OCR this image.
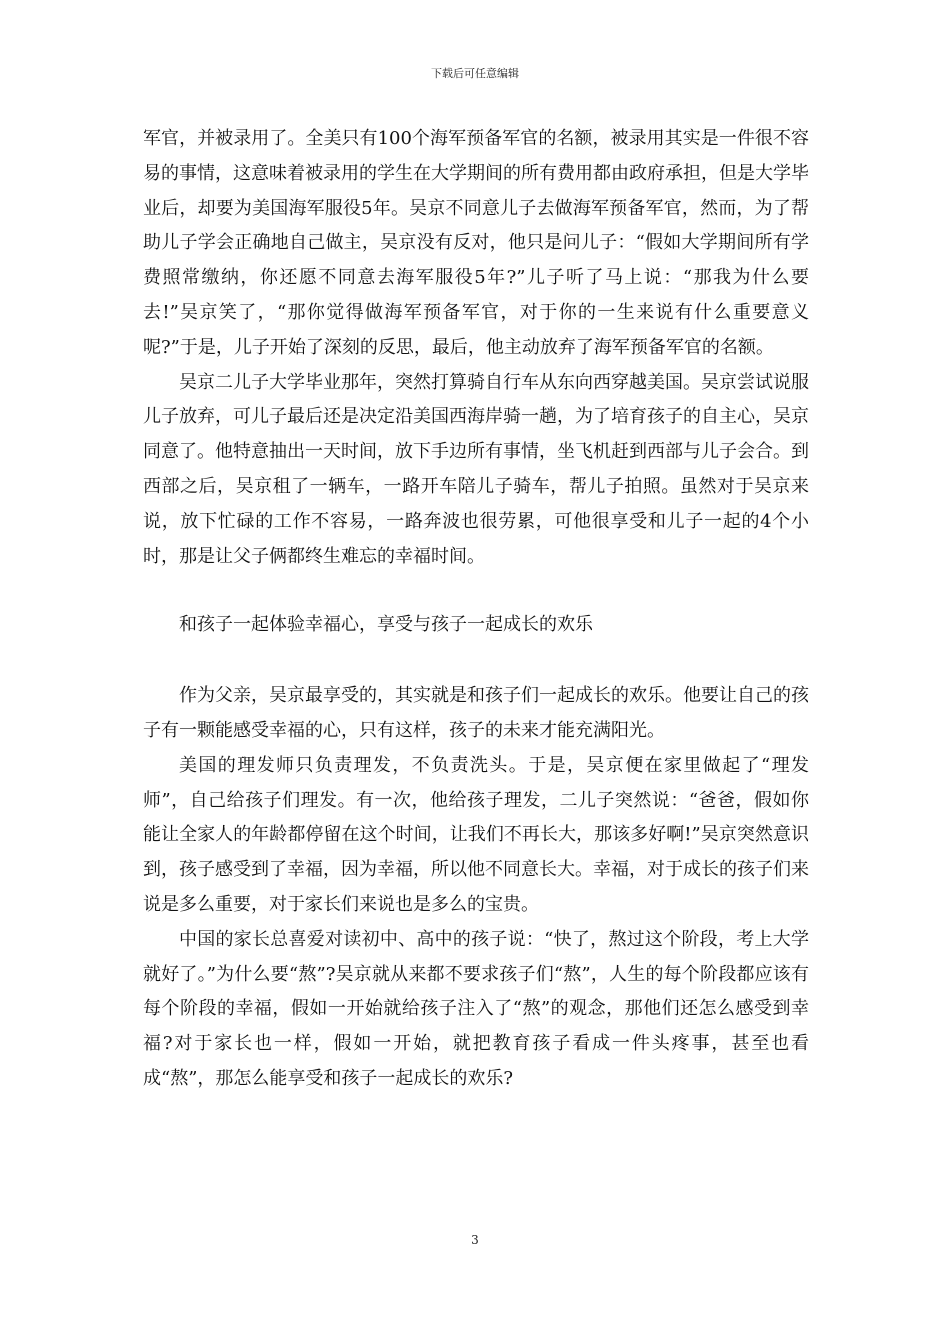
下载后可任意编辑

军官，并被录用了。全美只有100个海军预备军官的名额，被录用其实是一件很不容易的事情，这意味着被录用的学生在大学期间的所有费用都由政府承担，但是大学毕业后，却要为美国海军服役5年。吴京不同意儿子去做海军预备军官，然而，为了帮助儿子学会正确地自己做主，吴京没有反对，他只是问儿子：“假如大学期间所有学费照常缴纳，你还愿不同意去海军服役5年?”儿子听了马上说：“那我为什么要去!”吴京笑了，“那你觉得做海军预备军官，对于你的一生来说有什么重要意义呢?”于是，儿子开始了深刻的反思，最后，他主动放弃了海军预备军官的名额。

吴京二儿子大学毕业那年，突然打算骑自行车从东向西穿越美国。吴京尝试说服儿子放弃，可儿子最后还是决定沿美国西海岸骑一趟，为了培育孩子的自主心，吴京同意了。他特意抽出一天时间，放下手边所有事情，坐飞机赶到西部与儿子会合。到西部之后，吴京租了一辆车，一路开车陪儿子骑车，帮儿子拍照。虽然对于吴京来说，放下忙碌的工作不容易，一路奔波也很劳累，可他很享受和儿子一起的4个小时，那是让父子俩都终生难忘的幸福时间。

和孩子一起体验幸福心，享受与孩子一起成长的欢乐

作为父亲，吴京最享受的，其实就是和孩子们一起成长的欢乐。他要让自己的孩子有一颗能感受幸福的心，只有这样，孩子的未来才能充满阳光。

美国的理发师只负责理发，不负责洗头。于是，吴京便在家里做起了“理发师”，自己给孩子们理发。有一次，他给孩子理发，二儿子突然说：“爸爸，假如你能让全家人的年龄都停留在这个时间，让我们不再长大，那该多好啊!”吴京突然意识到，孩子感受到了幸福，因为幸福，所以他不同意长大。幸福，对于成长的孩子们来说是多么重要，对于家长们来说也是多么的宝贵。

中国的家长总喜爱对读初中、高中的孩子说：“快了，熬过这个阶段，考上大学就好了。”为什么要“熬”?吴京就从来都不要求孩子们“熬”，人生的每个阶段都应该有每个阶段的幸福，假如一开始就给孩子注入了“熬”的观念，那他们还怎么感受到幸福?对于家长也一样，假如一开始，就把教育孩子看成一件头疼事，甚至也看成“熬”，那怎么能享受和孩子一起成长的欢乐?

3
